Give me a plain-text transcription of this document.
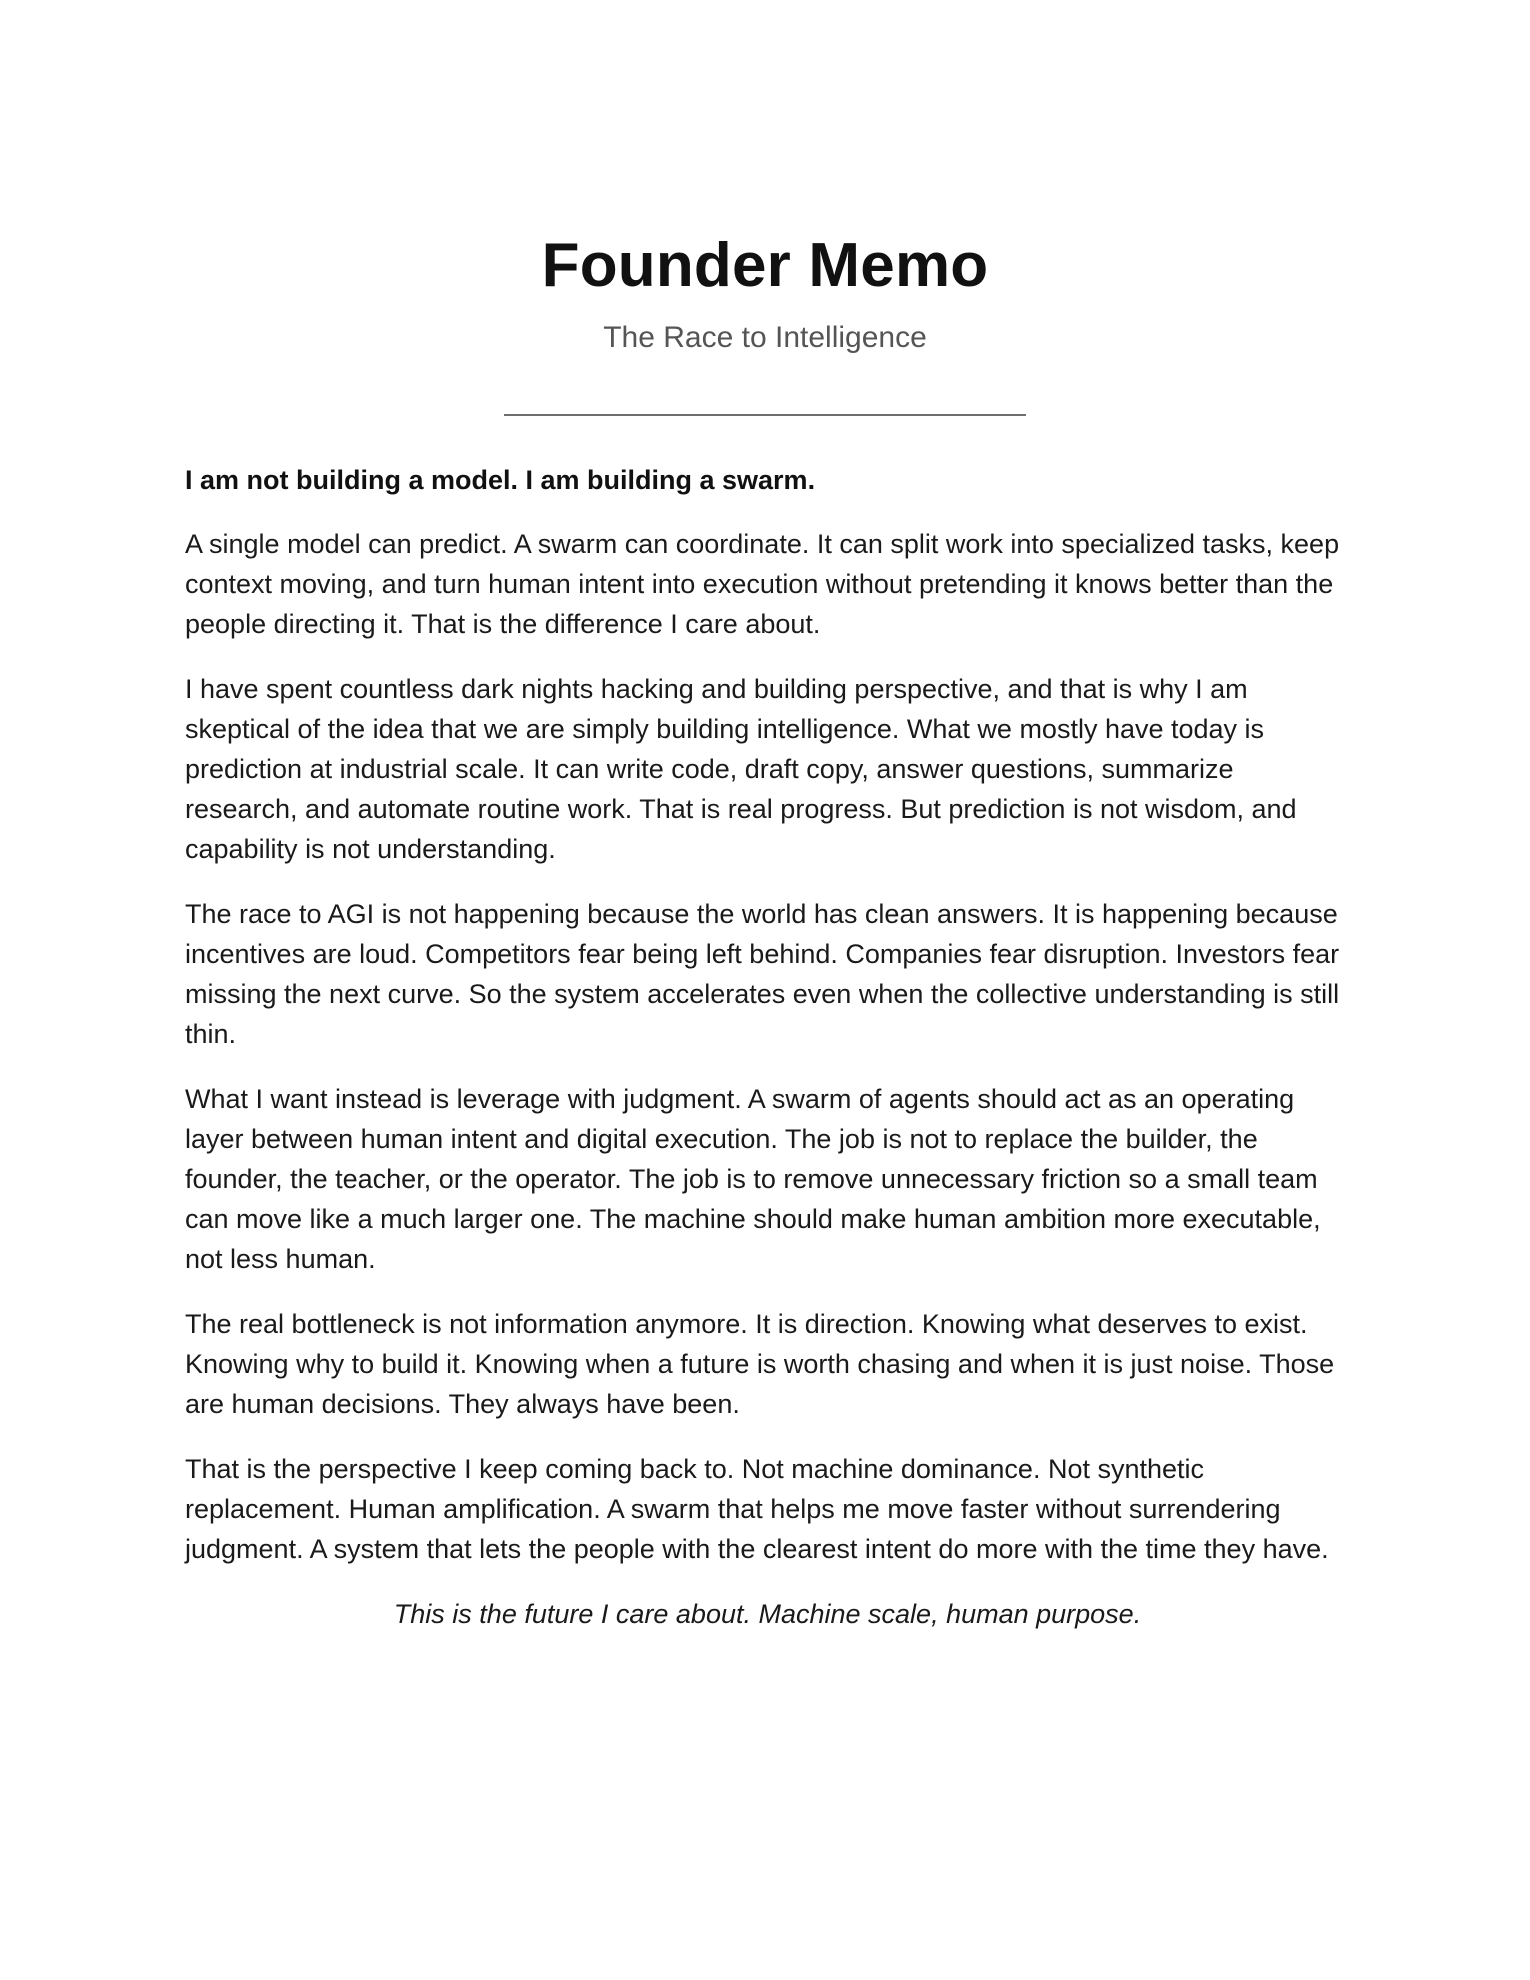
Founder Memo

The Race to Intelligence

I am not building a model. I am building a swarm.

A single model can predict. A swarm can coordinate. It can split work into specialized tasks, keep context moving, and turn human intent into execution without pretending it knows better than the people directing it. That is the difference I care about.

I have spent countless dark nights hacking and building perspective, and that is why I am skeptical of the idea that we are simply building intelligence. What we mostly have today is prediction at industrial scale. It can write code, draft copy, answer questions, summarize research, and automate routine work. That is real progress. But prediction is not wisdom, and capability is not understanding.

The race to AGI is not happening because the world has clean answers. It is happening because incentives are loud. Competitors fear being left behind. Companies fear disruption. Investors fear missing the next curve. So the system accelerates even when the collective understanding is still thin.

What I want instead is leverage with judgment. A swarm of agents should act as an operating layer between human intent and digital execution. The job is not to replace the builder, the founder, the teacher, or the operator. The job is to remove unnecessary friction so a small team can move like a much larger one. The machine should make human ambition more executable, not less human.

The real bottleneck is not information anymore. It is direction. Knowing what deserves to exist. Knowing why to build it. Knowing when a future is worth chasing and when it is just noise. Those are human decisions. They always have been.

That is the perspective I keep coming back to. Not machine dominance. Not synthetic replacement. Human amplification. A swarm that helps me move faster without surrendering judgment. A system that lets the people with the clearest intent do more with the time they have.

This is the future I care about. Machine scale, human purpose.
